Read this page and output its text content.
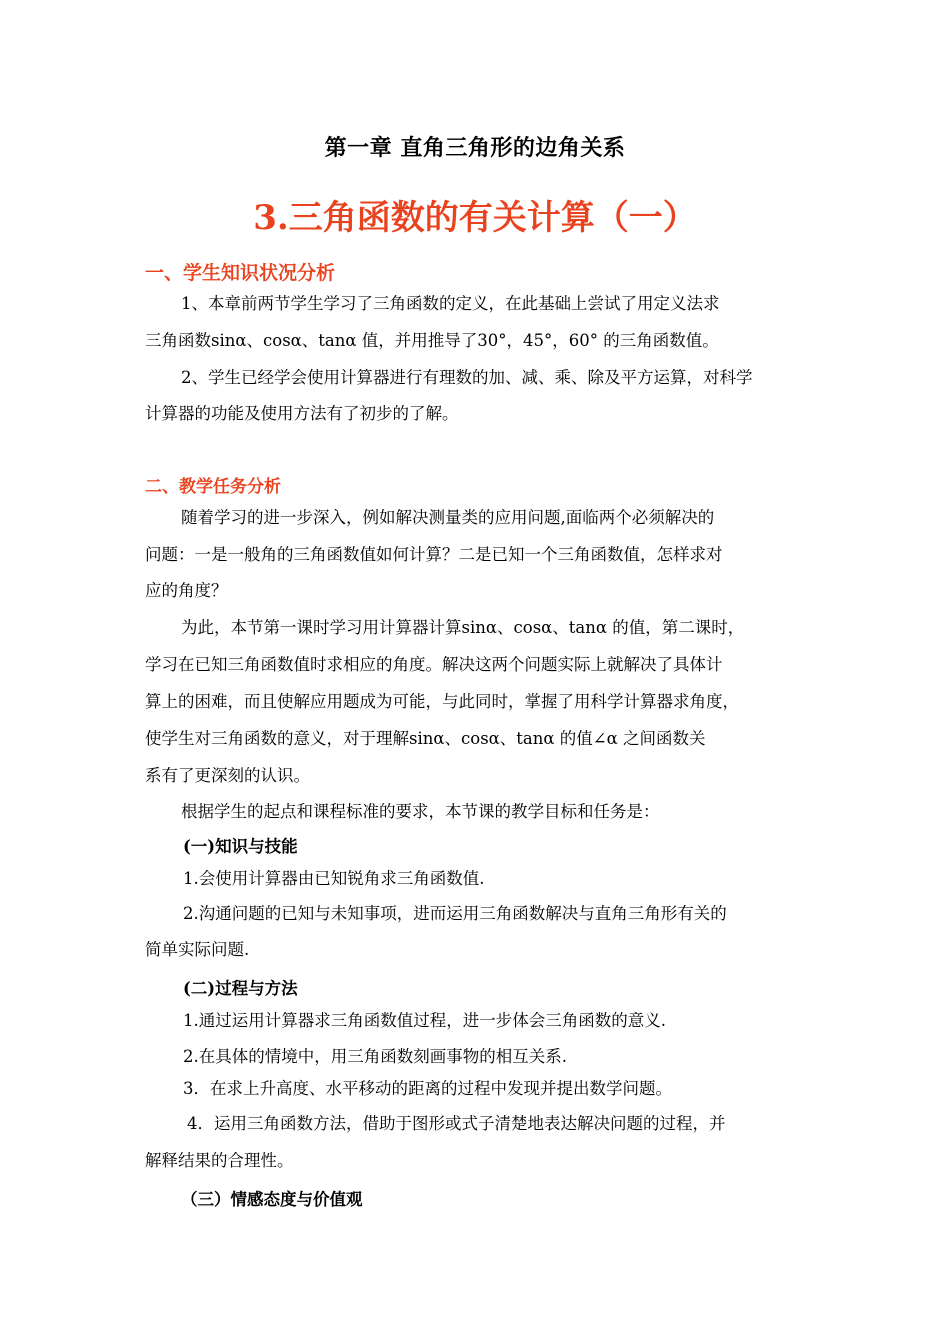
第一章 直角三角形的边角关系
3.三角函数的有关计算（一）
一、学生知识状况分析
1、本章前两节学生学习了三角函数的定义，在此基础上尝试了用定义法求
三角函数sinα、cosα、tanα 值，并用推导了30°，45°，60° 的三角函数值。
2、学生已经学会使用计算器进行有理数的加、减、乘、除及平方运算，对科学
计算器的功能及使用方法有了初步的了解。
二、教学任务分析
随着学习的进一步深入，例如解决测量类的应用问题,面临两个必须解决的
问题：一是一般角的三角函数值如何计算？二是已知一个三角函数值，怎样求对
应的角度？
为此，本节第一课时学习用计算器计算sinα、cosα、tanα 的值，第二课时，
学习在已知三角函数值时求相应的角度。解决这两个问题实际上就解决了具体计
算上的困难，而且使解应用题成为可能，与此同时，掌握了用科学计算器求角度，
使学生对三角函数的意义，对于理解sinα、cosα、tanα 的值∠α 之间函数关
系有了更深刻的认识。
根据学生的起点和课程标准的要求，本节课的教学目标和任务是：
(一)知识与技能
1.会使用计算器由已知锐角求三角函数值.
2.沟通问题的已知与未知事项，进而运用三角函数解决与直角三角形有关的
简单实际问题.
(二)过程与方法
1.通过运用计算器求三角函数值过程，进一步体会三角函数的意义.
2.在具体的情境中，用三角函数刻画事物的相互关系.
3．在求上升高度、水平移动的距离的过程中发现并提出数学问题。
4．运用三角函数方法，借助于图形或式子清楚地表达解决问题的过程，并
解释结果的合理性。
（三）情感态度与价值观
